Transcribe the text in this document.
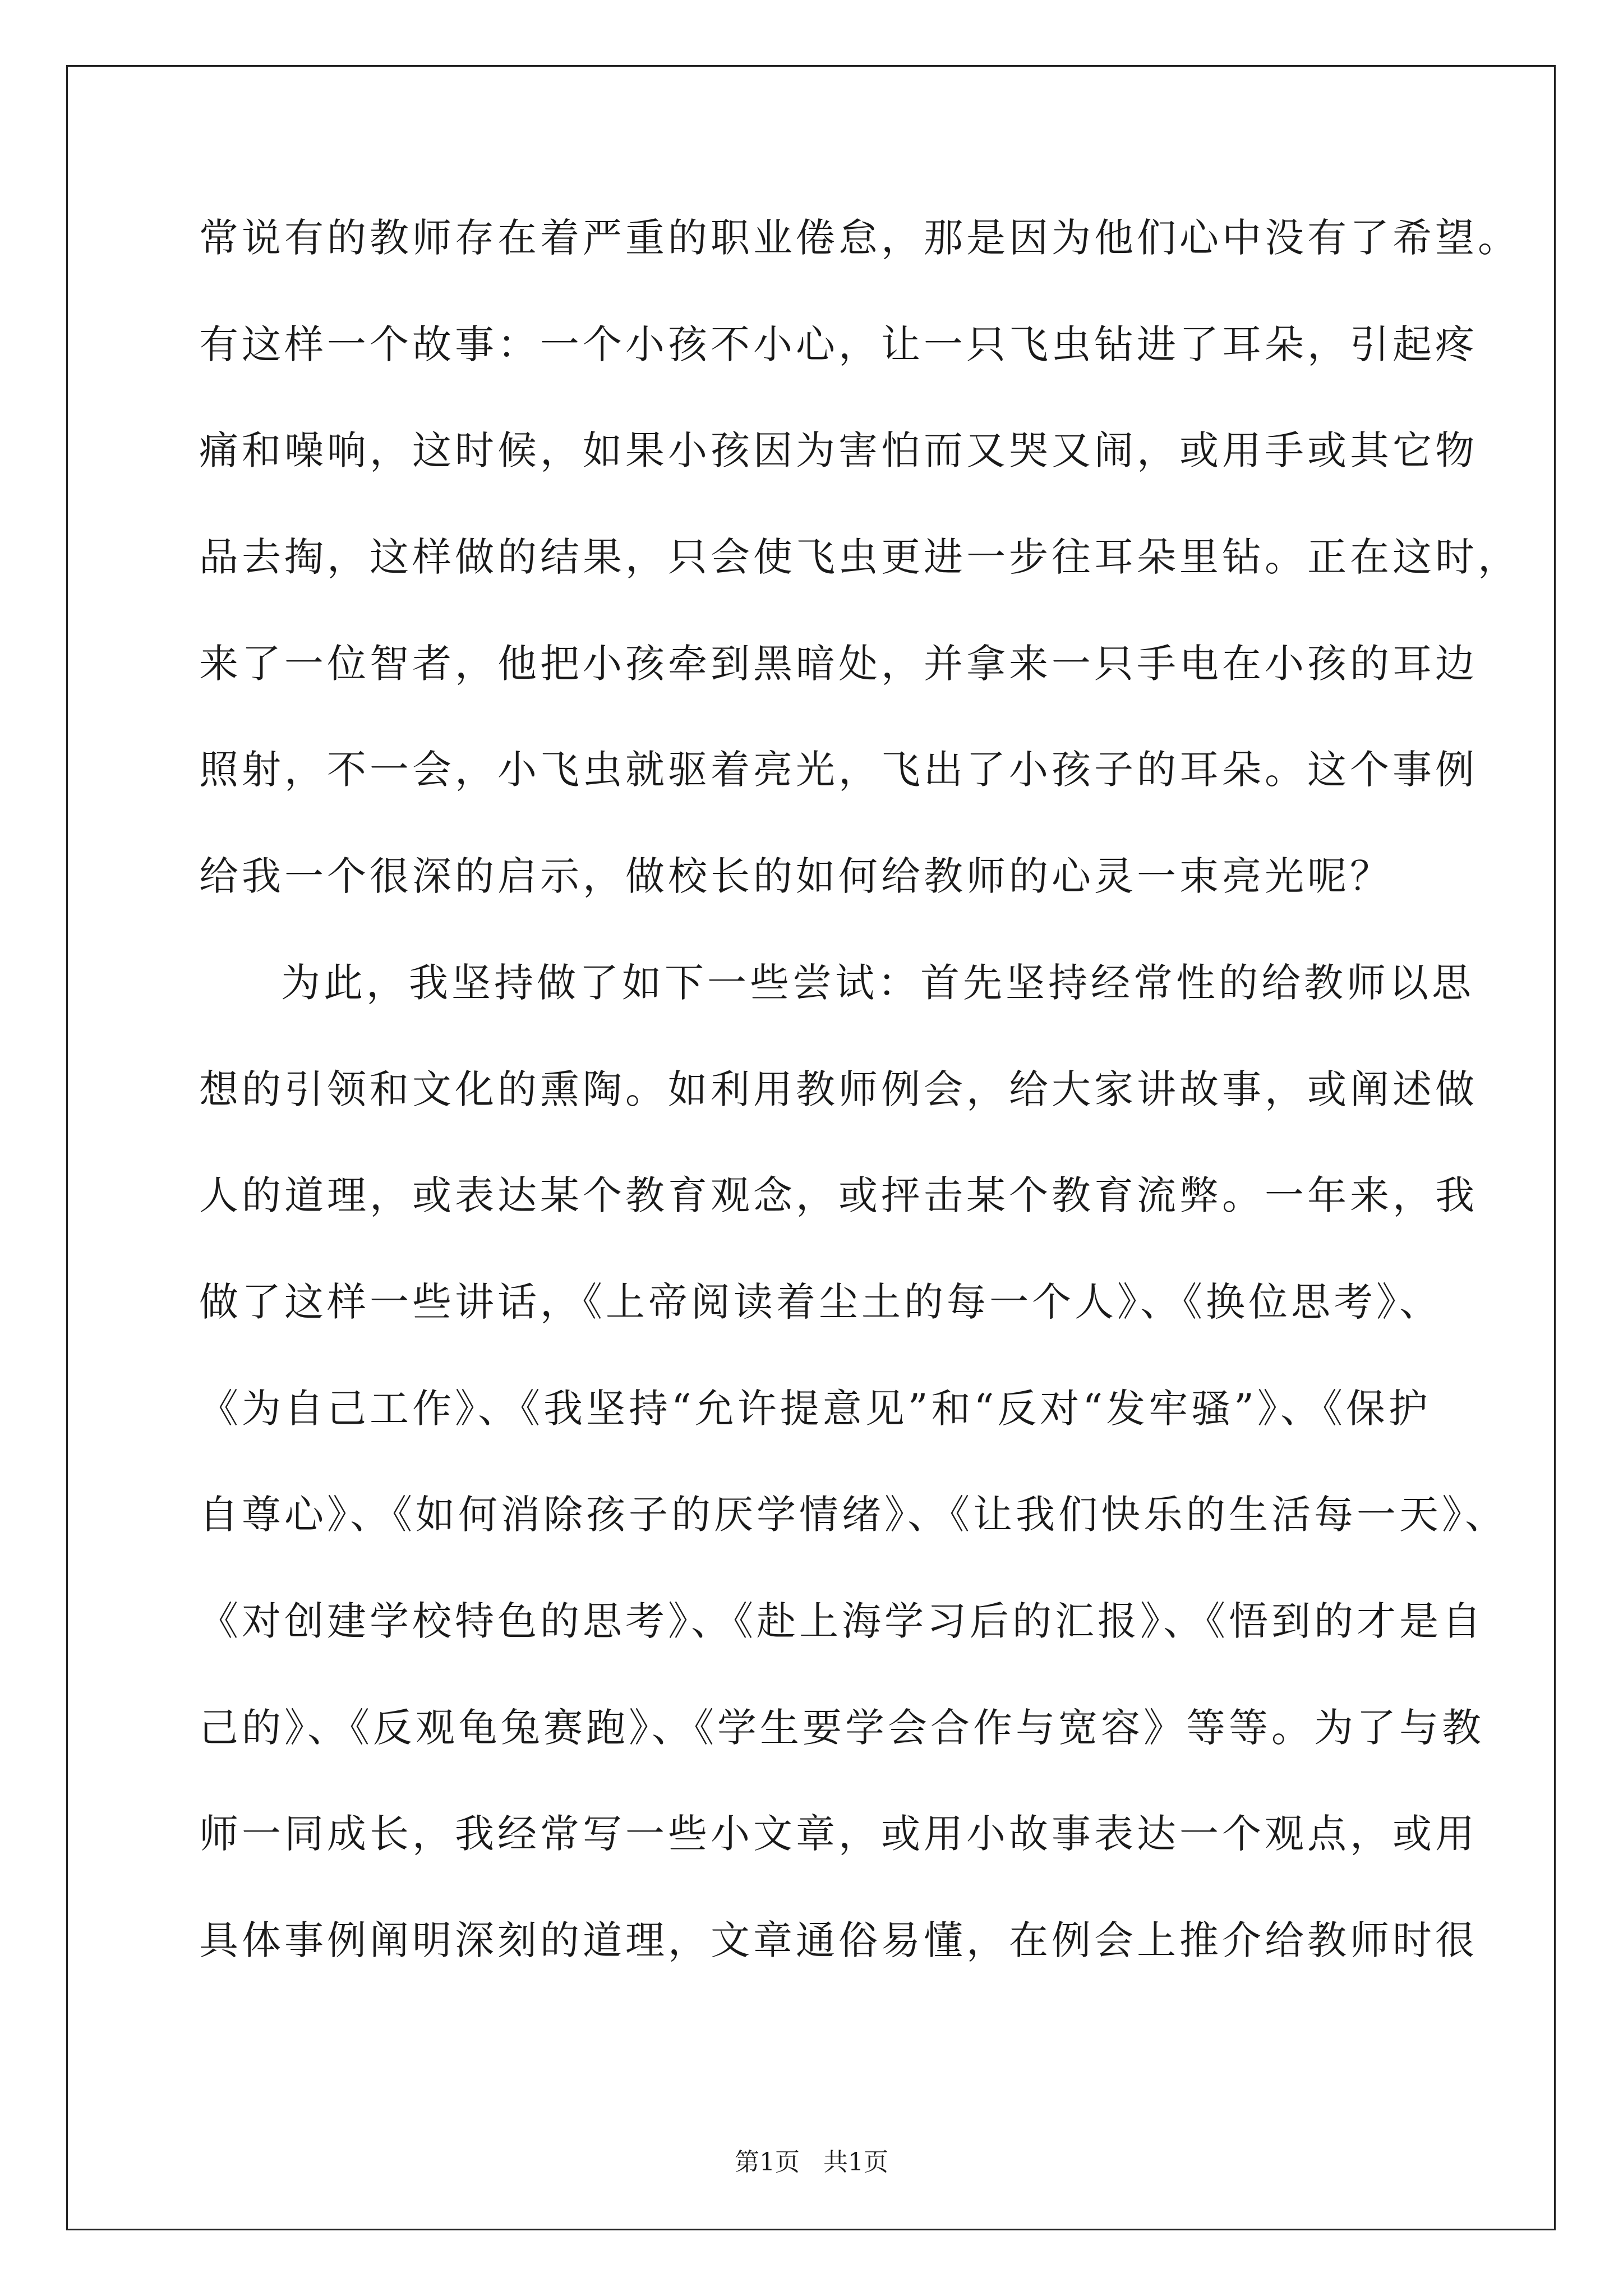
常说有的教师存在着严重的职业倦怠，那是因为他们心中没有了希望。
有这样一个故事：一个小孩不小心，让一只飞虫钻进了耳朵，引起疼
痛和噪响，这时候，如果小孩因为害怕而又哭又闹，或用手或其它物
品去掏，这样做的结果，只会使飞虫更进一步往耳朵里钻。正在这时，
来了一位智者，他把小孩牵到黑暗处，并拿来一只手电在小孩的耳边
照射，不一会，小飞虫就驱着亮光，飞出了小孩子的耳朵。这个事例
给我一个很深的启示，做校长的如何给教师的心灵一束亮光呢？
为此，我坚持做了如下一些尝试：首先坚持经常性的给教师以思
想的引领和文化的熏陶。如利用教师例会，给大家讲故事，或阐述做
人的道理，或表达某个教育观念，或抨击某个教育流弊。一年来，我
做了这样一些讲话，《上帝阅读着尘土的每一个人》、《换位思考》、
《为自己工作》、《我坚持“允许提意见”和“反对“发牢骚”》、《保护
自尊心》、《如何消除孩子的厌学情绪》、《让我们快乐的生活每一天》、
《对创建学校特色的思考》、《赴上海学习后的汇报》、《悟到的才是自
己的》、《反观龟兔赛跑》、《学生要学会合作与宽容》等等。为了与教
师一同成长，我经常写一些小文章，或用小故事表达一个观点，或用
具体事例阐明深刻的道理，文章通俗易懂，在例会上推介给教师时很
第1页 共1页
